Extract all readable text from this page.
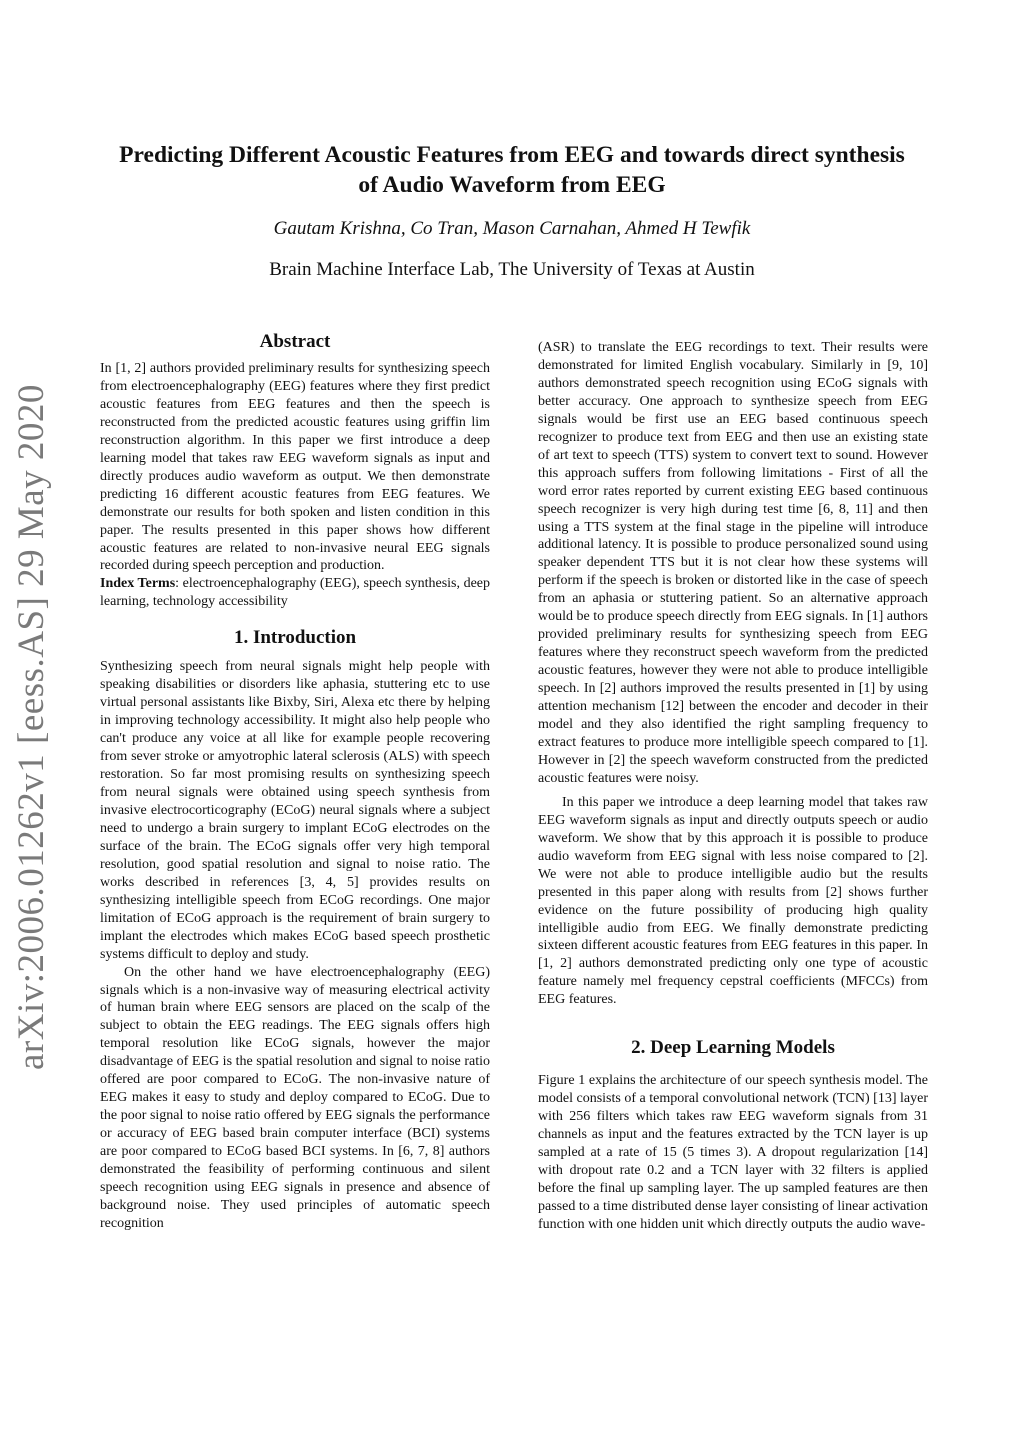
Predicting Different Acoustic Features from EEG and towards direct synthesis
of Audio Waveform from EEG

Gautam Krishna, Co Tran, Mason Carnahan, Ahmed H Tewfik

Brain Machine Interface Lab, The University of Texas at Austin

arXiv:2006.01262v1 [eess.AS] 29 May 2020
Abstract

In [1, 2] authors provided preliminary results for synthesizing speech from electroencephalography (EEG) features where they first predict acoustic features from EEG features and then the speech is reconstructed from the predicted acoustic features using griffin lim reconstruction algorithm. In this paper we first introduce a deep learning model that takes raw EEG waveform signals as input and directly produces audio waveform as output. We then demonstrate predicting 16 different acoustic features from EEG features. We demonstrate our results for both spoken and listen condition in this paper. The results presented in this paper shows how different acoustic features are related to non-invasive neural EEG signals recorded during speech perception and production.

Index Terms: electroencephalography (EEG), speech synthesis, deep learning, technology accessibility

1. Introduction

Synthesizing speech from neural signals might help people with speaking disabilities or disorders like aphasia, stuttering etc to use virtual personal assistants like Bixby, Siri, Alexa etc there by helping in improving technology accessibility. It might also help people who can't produce any voice at all like for example people recovering from sever stroke or amyotrophic lateral sclerosis (ALS) with speech restoration. So far most promising results on synthesizing speech from neural signals were obtained using speech synthesis from invasive electrocorticography (ECoG) neural signals where a subject need to undergo a brain surgery to implant ECoG electrodes on the surface of the brain. The ECoG signals offer very high temporal resolution, good spatial resolution and signal to noise ratio. The works described in references [3, 4, 5] provides results on synthesizing intelligible speech from ECoG recordings. One major limitation of ECoG approach is the requirement of brain surgery to implant the electrodes which makes ECoG based speech prosthetic systems difficult to deploy and study.

On the other hand we have electroencephalography (EEG) signals which is a non-invasive way of measuring electrical activity of human brain where EEG sensors are placed on the scalp of the subject to obtain the EEG readings. The EEG signals offers high temporal resolution like ECoG signals, however the major disadvantage of EEG is the spatial resolution and signal to noise ratio offered are poor compared to ECoG. The non-invasive nature of EEG makes it easy to study and deploy compared to ECoG. Due to the poor signal to noise ratio offered by EEG signals the performance or accuracy of EEG based brain computer interface (BCI) systems are poor compared to ECoG based BCI systems. In [6, 7, 8] authors demonstrated the feasibility of performing continuous and silent speech recognition using EEG signals in presence and absence of background noise. They used principles of automatic speech recognition

(ASR) to translate the EEG recordings to text. Their results were demonstrated for limited English vocabulary. Similarly in [9, 10] authors demonstrated speech recognition using ECoG signals with better accuracy. One approach to synthesize speech from EEG signals would be first use an EEG based continuous speech recognizer to produce text from EEG and then use an existing state of art text to speech (TTS) system to convert text to sound. However this approach suffers from following limitations - First of all the word error rates reported by current existing EEG based continuous speech recognizer is very high during test time [6, 8, 11] and then using a TTS system at the final stage in the pipeline will introduce additional latency. It is possible to produce personalized sound using speaker dependent TTS but it is not clear how these systems will perform if the speech is broken or distorted like in the case of speech from an aphasia or stuttering patient. So an alternative approach would be to produce speech directly from EEG signals. In [1] authors provided preliminary results for synthesizing speech from EEG features where they reconstruct speech waveform from the predicted acoustic features, however they were not able to produce intelligible speech. In [2] authors improved the results presented in [1] by using attention mechanism [12] between the encoder and decoder in their model and they also identified the right sampling frequency to extract features to produce more intelligible speech compared to [1]. However in [2] the speech waveform constructed from the predicted acoustic features were noisy.

In this paper we introduce a deep learning model that takes raw EEG waveform signals as input and directly outputs speech or audio waveform. We show that by this approach it is possible to produce audio waveform from EEG signal with less noise compared to [2]. We were not able to produce intelligible audio but the results presented in this paper along with results from [2] shows further evidence on the future possibility of producing high quality intelligible audio from EEG. We finally demonstrate predicting sixteen different acoustic features from EEG features in this paper. In [1, 2] authors demonstrated predicting only one type of acoustic feature namely mel frequency cepstral coefficients (MFCCs) from EEG features.

2. Deep Learning Models

Figure 1 explains the architecture of our speech synthesis model. The model consists of a temporal convolutional network (TCN) [13] layer with 256 filters which takes raw EEG waveform signals from 31 channels as input and the features extracted by the TCN layer is up sampled at a rate of 15 (5 times 3). A dropout regularization [14] with dropout rate 0.2 and a TCN layer with 32 filters is applied before the final up sampling layer. The up sampled features are then passed to a time distributed dense layer consisting of linear activation function with one hidden unit which directly outputs the audio wave-
